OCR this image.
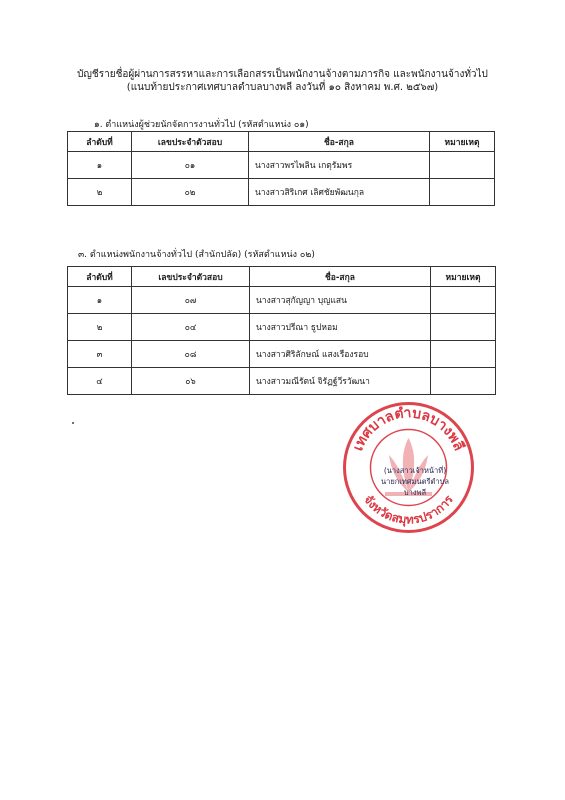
บัญชีรายชื่อผู้ผ่านการสรรหาและการเลือกสรรเป็นพนักงานจ้างตามภารกิจ และพนักงานจ้างทั่วไป
(แนบท้ายประกาศเทศบาลตำบลบางพลี ลงวันที่ ๑๐ สิงหาคม พ.ศ. ๒๕๖๗)
๑. ตำแหน่งผู้ช่วยนักจัดการงานทั่วไป (รหัสตำแหน่ง ๐๑)
ลำดับที่	เลขประจำตัวสอบ	ชื่อ-สกุล	หมายเหตุ
๑	๐๑	นางสาวพรไพลิน เกตุรัมพร	
๒	๐๒	นางสาวสิริเกศ เลิศชัยพัฒนกุล	
๓. ตำแหน่งพนักงานจ้างทั่วไป (สำนักปลัด) (รหัสตำแหน่ง ๐๒)
ลำดับที่	เลขประจำตัวสอบ	ชื่อ-สกุล	หมายเหตุ
๑	๐๗	นางสาวสุกัญญา บุญแสน	
๒	๐๔	นางสาวปรีณา ธูปหอม	
๓	๐๘	นางสาวศิริลักษณ์ แสงเรืองรอบ	
๔	๐๖	นางสาวมณีรัตน์ จิรัฏฐ์วีรวัฒนา	
เทศบาลตำบลบางพลี
จังหวัดสมุทรปราการ
(นางสาวเจ้าหน้าที่)
นายกเทศมนตรีตำบลบางพลี
